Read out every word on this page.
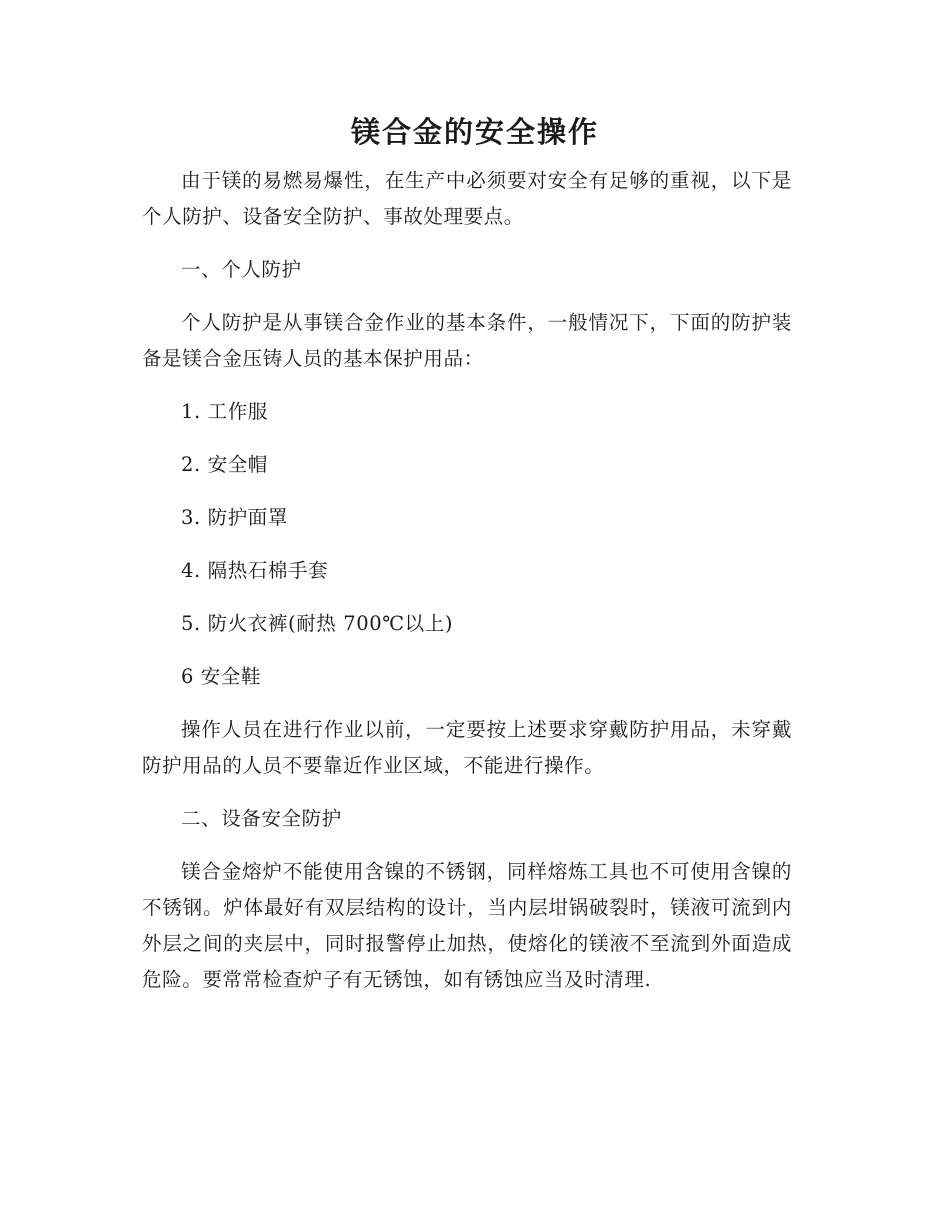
镁合金的安全操作

由于镁的易燃易爆性，在生产中必须要对安全有足够的重视，以下是个人防护、设备安全防护、事故处理要点。

一、个人防护

个人防护是从事镁合金作业的基本条件，一般情况下，下面的防护装备是镁合金压铸人员的基本保护用品：

1. 工作服
2. 安全帽
3. 防护面罩
4. 隔热石棉手套
5. 防火衣裤(耐热 700℃以上)
6 安全鞋

操作人员在进行作业以前，一定要按上述要求穿戴防护用品，未穿戴防护用品的人员不要靠近作业区域，不能进行操作。

二、设备安全防护

镁合金熔炉不能使用含镍的不锈钢，同样熔炼工具也不可使用含镍的不锈钢。炉体最好有双层结构的设计，当内层坩锅破裂时，镁液可流到内外层之间的夹层中，同时报警停止加热，使熔化的镁液不至流到外面造成危险。要常常检查炉子有无锈蚀，如有锈蚀应当及时清理.
